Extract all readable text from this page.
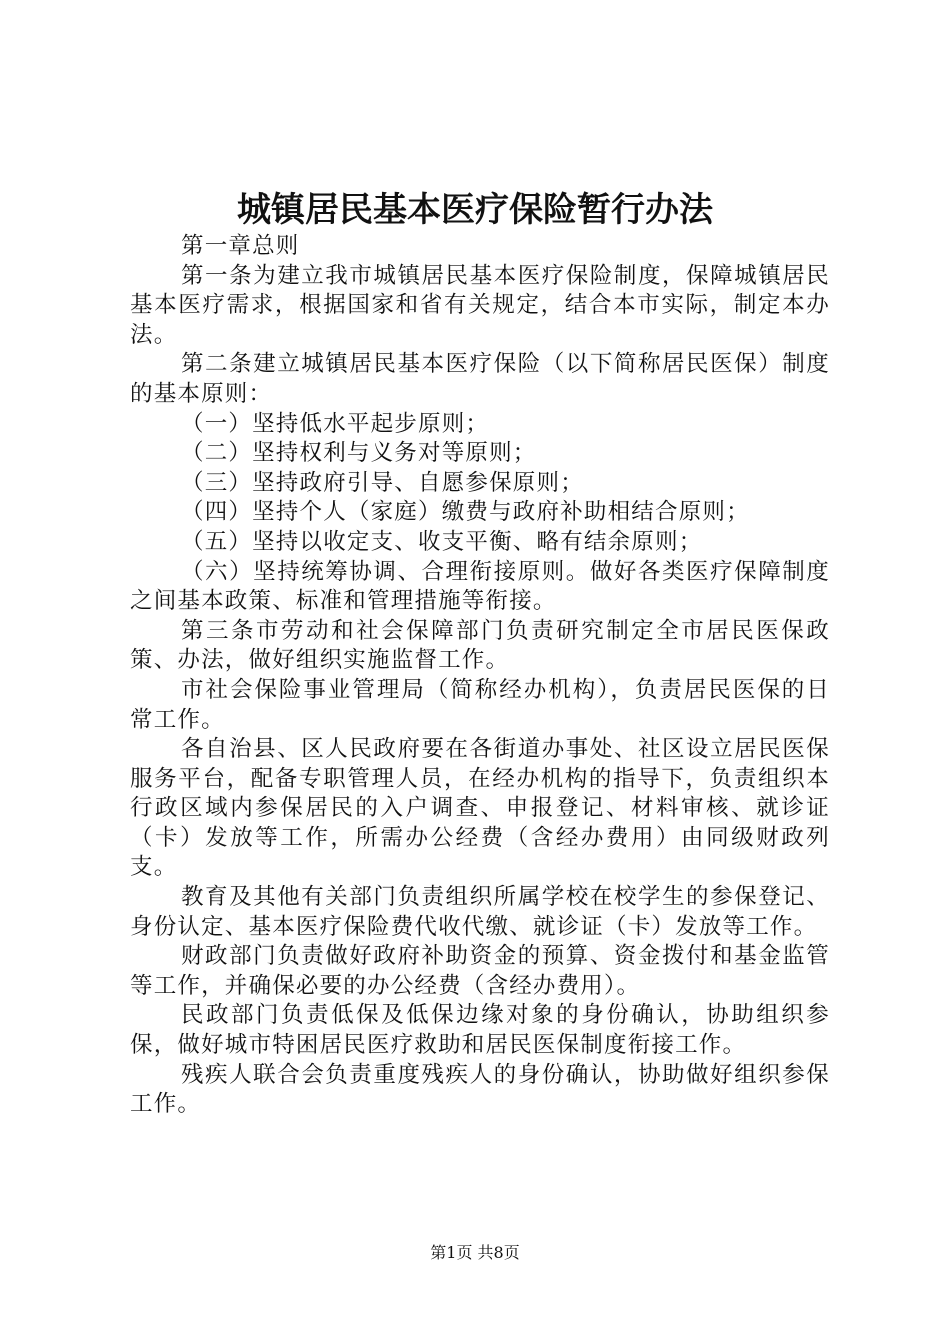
城镇居民基本医疗保险暂行办法

第一章总则

第一条为建立我市城镇居民基本医疗保险制度，保障城镇居民基本医疗需求，根据国家和省有关规定，结合本市实际，制定本办法。

第二条建立城镇居民基本医疗保险（以下简称居民医保）制度的基本原则：

（一）坚持低水平起步原则；

（二）坚持权利与义务对等原则；

（三）坚持政府引导、自愿参保原则；

（四）坚持个人（家庭）缴费与政府补助相结合原则；

（五）坚持以收定支、收支平衡、略有结余原则；

（六）坚持统筹协调、合理衔接原则。做好各类医疗保障制度之间基本政策、标准和管理措施等衔接。

第三条市劳动和社会保障部门负责研究制定全市居民医保政策、办法，做好组织实施监督工作。

市社会保险事业管理局（简称经办机构），负责居民医保的日常工作。

各自治县、区人民政府要在各街道办事处、社区设立居民医保服务平台，配备专职管理人员，在经办机构的指导下，负责组织本行政区域内参保居民的入户调查、申报登记、材料审核、就诊证（卡）发放等工作，所需办公经费（含经办费用）由同级财政列支。

教育及其他有关部门负责组织所属学校在校学生的参保登记、身份认定、基本医疗保险费代收代缴、就诊证（卡）发放等工作。

财政部门负责做好政府补助资金的预算、资金拨付和基金监管等工作，并确保必要的办公经费（含经办费用）。

民政部门负责低保及低保边缘对象的身份确认，协助组织参保，做好城市特困居民医疗救助和居民医保制度衔接工作。

残疾人联合会负责重度残疾人的身份确认，协助做好组织参保工作。

第1页 共8页
